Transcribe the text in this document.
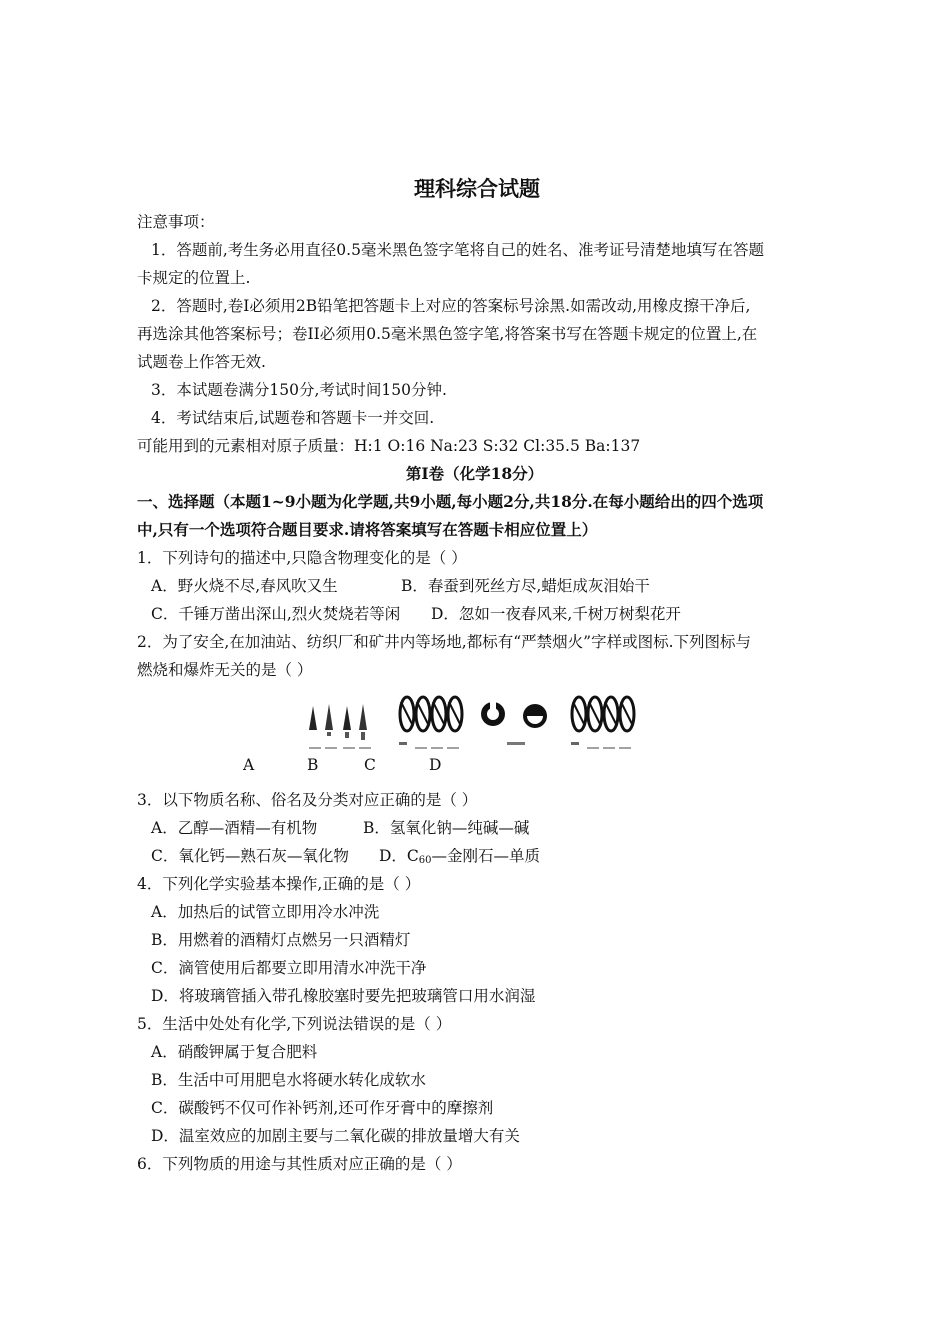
理科综合试题
注意事项：
1．答题前,考生务必用直径0.5毫米黑色签字笔将自己的姓名、准考证号清楚地填写在答题
卡规定的位置上.
2．答题时,卷I必须用2B铅笔把答题卡上对应的答案标号涂黑.如需改动,用橡皮擦干净后,
再选涂其他答案标号；卷II必须用0.5毫米黑色签字笔,将答案书写在答题卡规定的位置上,在
试题卷上作答无效.
3．本试题卷满分150分,考试时间150分钟.
4．考试结束后,试题卷和答题卡一并交回.
可能用到的元素相对原子质量：H:1 O:16 Na:23 S:32 Cl:35.5 Ba:137
第Ⅰ卷（化学18分）
一、选择题（本题1~9小题为化学题,共9小题,每小题2分,共18分.在每小题给出的四个选项
中,只有一个选项符合题目要求.请将答案填写在答题卡相应位置上）
1．下列诗句的描述中,只隐含物理变化的是（ ）
A．野火烧不尽,春风吹又生	B．春蚕到死丝方尽,蜡炬成灰泪始干
C．千锤万凿出深山,烈火焚烧若等闲 D．忽如一夜春风来,千树万树梨花开
2．为了安全,在加油站、纺织厂和矿井内等场地,都标有“严禁烟火”字样或图标.下列图标与
燃烧和爆炸无关的是（ ）
A	B	C	D
3．以下物质名称、俗名及分类对应正确的是（ ）
A．乙醇—酒精—有机物	B．氢氧化钠—纯碱—碱
C．氧化钙—熟石灰—氧化物 D．$C_{60}—$金刚石—单质
4．下列化学实验基本操作,正确的是（ ）
A．加热后的试管立即用冷水冲洗
B．用燃着的酒精灯点燃另一只酒精灯
C．滴管使用后都要立即用清水冲洗干净
D．将玻璃管插入带孔橡胶塞时要先把玻璃管口用水润湿
5．生活中处处有化学,下列说法错误的是（ ）
A．硝酸钾属于复合肥料
B．生活中可用肥皂水将硬水转化成软水
C．碳酸钙不仅可作补钙剂,还可作牙膏中的摩擦剂
D．温室效应的加剧主要与二氧化碳的排放量增大有关
6．下列物质的用途与其性质对应正确的是（ ）
